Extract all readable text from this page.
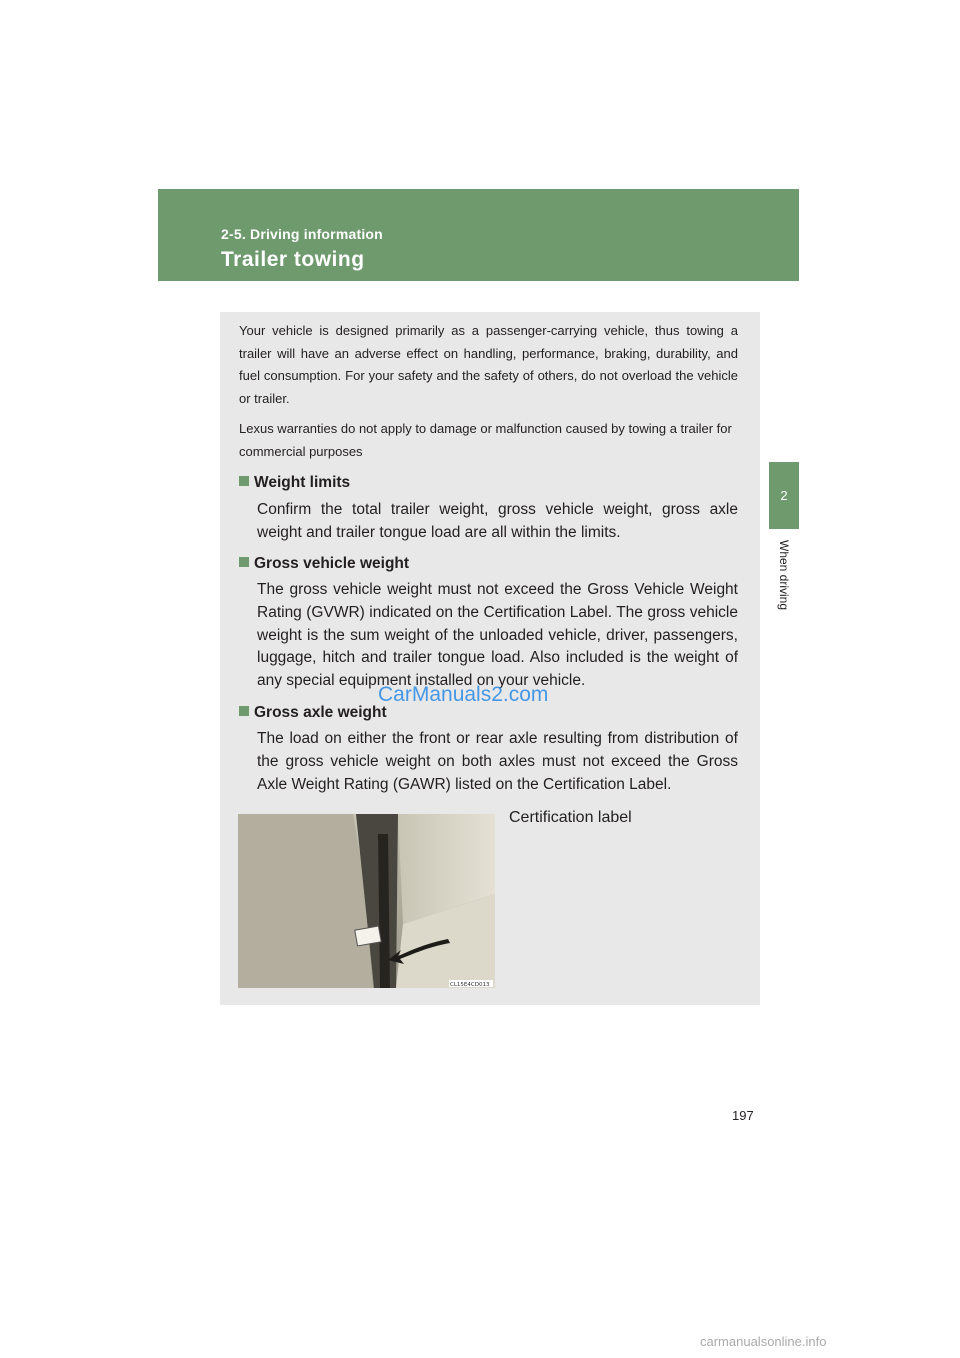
2-5. Driving information
Trailer towing
2
When driving

Your vehicle is designed primarily as a passenger-carrying vehicle, thus towing a trailer will have an adverse effect on handling, performance, braking, durability, and fuel consumption. For your safety and the safety of others, do not overload the vehicle or trailer.

Lexus warranties do not apply to damage or malfunction caused by towing a trailer for commercial purposes

Weight limits

Confirm the total trailer weight, gross vehicle weight, gross axle weight and trailer tongue load are all within the limits.

Gross vehicle weight

The gross vehicle weight must not exceed the Gross Vehicle Weight Rating (GVWR) indicated on the Certification Label. The gross vehicle weight is the sum weight of the unloaded vehicle, driver, passengers, luggage, hitch and trailer tongue load. Also included is the weight of any special equipment installed on your vehicle.

Gross axle weight

The load on either the front or rear axle resulting from distribution of the gross vehicle weight on both axles must not exceed the Gross Axle Weight Rating (GAWR) listed on the Certification Label.

CL15E4CD013
Certification label
CarManuals2.com
197
carmanualsonline.info
